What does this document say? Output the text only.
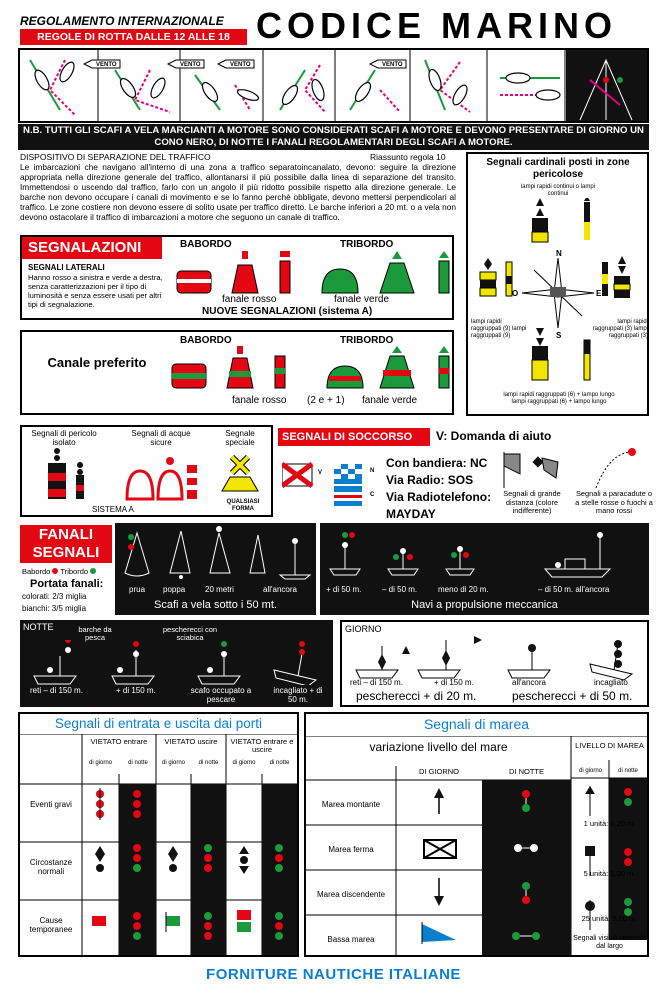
REGOLAMENTO INTERNAZIONALE
REGOLE DI ROTTA DALLE 12 ALLE 18 CODICE MARINO
VENTO	VENTO	VENTO	VENTO
N.B. TUTTI GLI SCAFI A VELA MARCIANTI A MOTORE SONO CONSIDERATI SCAFI A MOTORE E DEVONO PRESENTARE DI GIORNO UN CONO NERO, DI NOTTE I FANALI REGOLAMENTARI DEGLI SCAFI A MOTORE.
DISPOSITIVO DI SEPARAZIONE DEL TRAFFICO	Riassunto regola 10
Le imbarcazioni che navigano all'interno di una zona a traffico separatoincanalato, devono: seguire la direzione appropriata nella direzione generale del traffico, allontanarsi il più possibile dalla linea di separazione del transito. Immettendosi o uscendo dal traffico, farlo con un angolo il più ridotto possibile rispetto alla direzione generale. Le barche non devono occupare i canali di movimento e se lo fanno perchè obbligate, devono mettersi perpendicolari al traffico. Le zone costiere non devono essere di solito usate per traffico diretto. Le barche inferiori a 20 mt. o a vela non devono ostacolare il traffico di imbarcazioni a motore che seguono un canale di traffico.
SEGNALAZIONI
SEGNALI LATERALI
Hanno rosso a sinistra e verde a destra, senza caratterizzazioni per il tipo di luminosità e senza essere usati per altri tipi di segnalazione.
BABORDO	TRIBORDO
fanale rosso	fanale verde
NUOVE SEGNALAZIONI (sistema A)
Canale preferito
BABORDO	TRIBORDO
fanale rosso (2 e + 1) fanale verde
Segnali cardinali posti in zone pericolose
lampi rapidi continui o lampi continui
N
O	E
S
lampi rapidi raggruppati (9) lampi raggruppati (9)
lampi rapidi raggruppati (3) lampi raggruppati (3)
lampi rapidi raggruppati (6) + lampo lungo lampi raggruppati (6) + lampo lungo
Segnali di pericolo isolato
Segnali di acque sicure
Segnale speciale
QUALSIASI FORMA
SISTEMA A
SEGNALI DI SOCCORSO	V: Domanda di aiuto
V	N
C
Con bandiera: NC
Via Radio: SOS
Via Radiotelefono:
MAYDAY
Segnali di grande distanza (colore indifferente)
Segnali a paracadute o a stelle rosse o fuochi a mano rossi
FANALI
SEGNALI
Babordo Tribordo
Portata fanali:
colorati: 2/3 miglia
bianchi: 3/5 miglia
prua poppa 20 metri	all'ancora
Scafi a vela sotto i 50 mt.
+ di 50 m.	– di 50 m.	meno di 20 m.	– di 50 m. all'ancora
Navi a propulsione meccanica
NOTTE	barche da pesca
pescherecci con sciabica
reti – di 150 m.	+ di 150 m.	scafo occupato a pescare
incagliato + di 50 m.
GIORNO
reti – di 150 m.	+ di 150 m.	all'ancora	incagliato
pescherecci + di 20 m.	pescherecci + di 50 m.
Segnali di entrata e uscita dai porti
VIETATO entrare	VIETATO uscire	VIETATO entrare e uscire
di giorno	di notte	di giorno	di notte	di giorno	di notte
Eventi gravi
Circostanze normali
Cause temporanee
Segnali di marea
variazione livello del mare
DI GIORNO	DI NOTTE
Marea montante
Marea ferma
Marea discendente
Bassa marea
LIVELLO DI MAREA
di giorno	di notte
1 unità: 0,20 m.
5 unità: 1,00 m.
25 unità: 5,00 m.
Segnali visibili venendo dal largo
FORNITURE NAUTICHE ITALIANE
